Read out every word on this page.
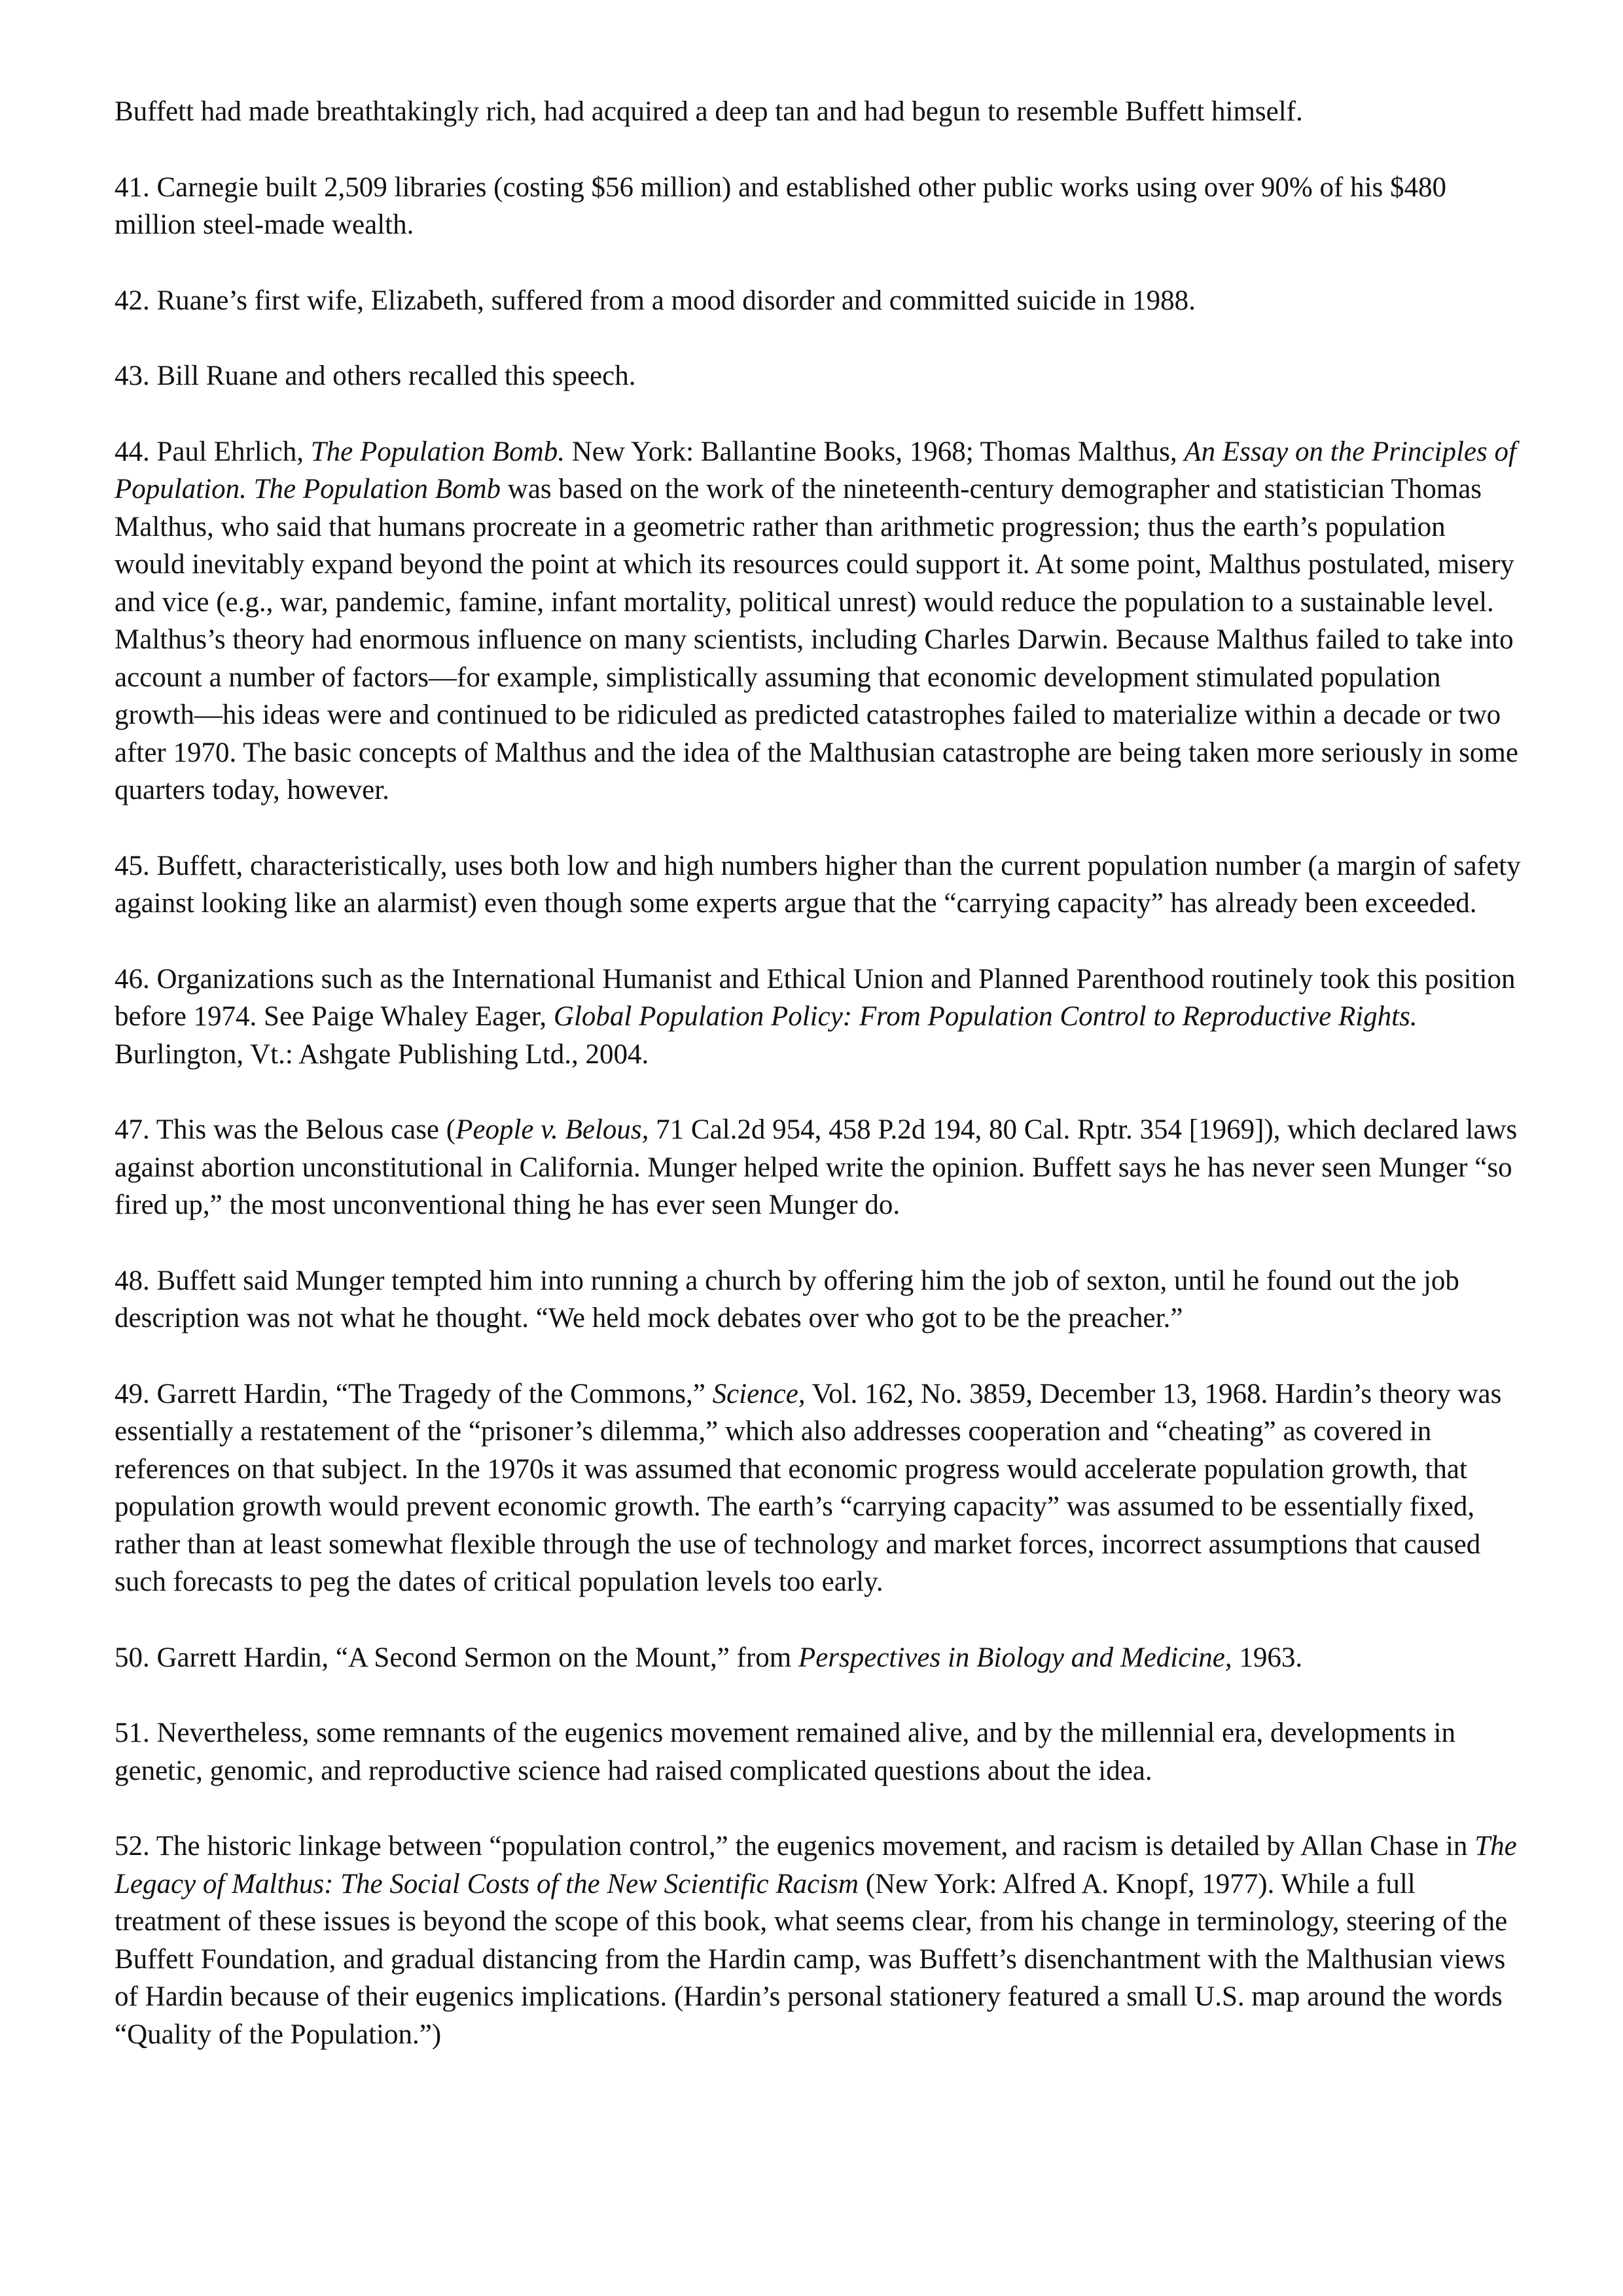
Buffett had made breathtakingly rich, had acquired a deep tan and had begun to resemble Buffett himself.

41. Carnegie built 2,509 libraries (costing $56 million) and established other public works using over 90% of his $480 million steel-made wealth.

42. Ruane’s first wife, Elizabeth, suffered from a mood disorder and committed suicide in 1988.

43. Bill Ruane and others recalled this speech.

44. Paul Ehrlich, The Population Bomb. New York: Ballantine Books, 1968; Thomas Malthus, An Essay on the Principles of Population. The Population Bomb was based on the work of the nineteenth-century demographer and statistician Thomas Malthus, who said that humans procreate in a geometric rather than arithmetic progression; thus the earth’s population would inevitably expand beyond the point at which its resources could support it. At some point, Malthus postulated, misery and vice (e.g., war, pandemic, famine, infant mortality, political unrest) would reduce the population to a sustainable level. Malthus’s theory had enormous influence on many scientists, including Charles Darwin. Because Malthus failed to take into account a number of factors—for example, simplistically assuming that economic development stimulated population growth—his ideas were and continued to be ridiculed as predicted catastrophes failed to materialize within a decade or two after 1970. The basic concepts of Malthus and the idea of the Malthusian catastrophe are being taken more seriously in some quarters today, however.

45. Buffett, characteristically, uses both low and high numbers higher than the current population number (a margin of safety against looking like an alarmist) even though some experts argue that the “carrying capacity” has already been exceeded.

46. Organizations such as the International Humanist and Ethical Union and Planned Parenthood routinely took this position before 1974. See Paige Whaley Eager, Global Population Policy: From Population Control to Reproductive Rights. Burlington, Vt.: Ashgate Publishing Ltd., 2004.

47. This was the Belous case (People v. Belous, 71 Cal.2d 954, 458 P.2d 194, 80 Cal. Rptr. 354 [1969]), which declared laws against abortion unconstitutional in California. Munger helped write the opinion. Buffett says he has never seen Munger “so fired up,” the most unconventional thing he has ever seen Munger do.

48. Buffett said Munger tempted him into running a church by offering him the job of sexton, until he found out the job description was not what he thought. “We held mock debates over who got to be the preacher.”

49. Garrett Hardin, “The Tragedy of the Commons,” Science, Vol. 162, No. 3859, December 13, 1968. Hardin’s theory was essentially a restatement of the “prisoner’s dilemma,” which also addresses cooperation and “cheating” as covered in references on that subject. In the 1970s it was assumed that economic progress would accelerate population growth, that population growth would prevent economic growth. The earth’s “carrying capacity” was assumed to be essentially fixed, rather than at least somewhat flexible through the use of technology and market forces, incorrect assumptions that caused such forecasts to peg the dates of critical population levels too early.

50. Garrett Hardin, “A Second Sermon on the Mount,” from Perspectives in Biology and Medicine, 1963.

51. Nevertheless, some remnants of the eugenics movement remained alive, and by the millennial era, developments in genetic, genomic, and reproductive science had raised complicated questions about the idea.

52. The historic linkage between “population control,” the eugenics movement, and racism is detailed by Allan Chase in The Legacy of Malthus: The Social Costs of the New Scientific Racism (New York: Alfred A. Knopf, 1977). While a full treatment of these issues is beyond the scope of this book, what seems clear, from his change in terminology, steering of the Buffett Foundation, and gradual distancing from the Hardin camp, was Buffett’s disenchantment with the Malthusian views of Hardin because of their eugenics implications. (Hardin’s personal stationery featured a small U.S. map around the words “Quality of the Population.”)
